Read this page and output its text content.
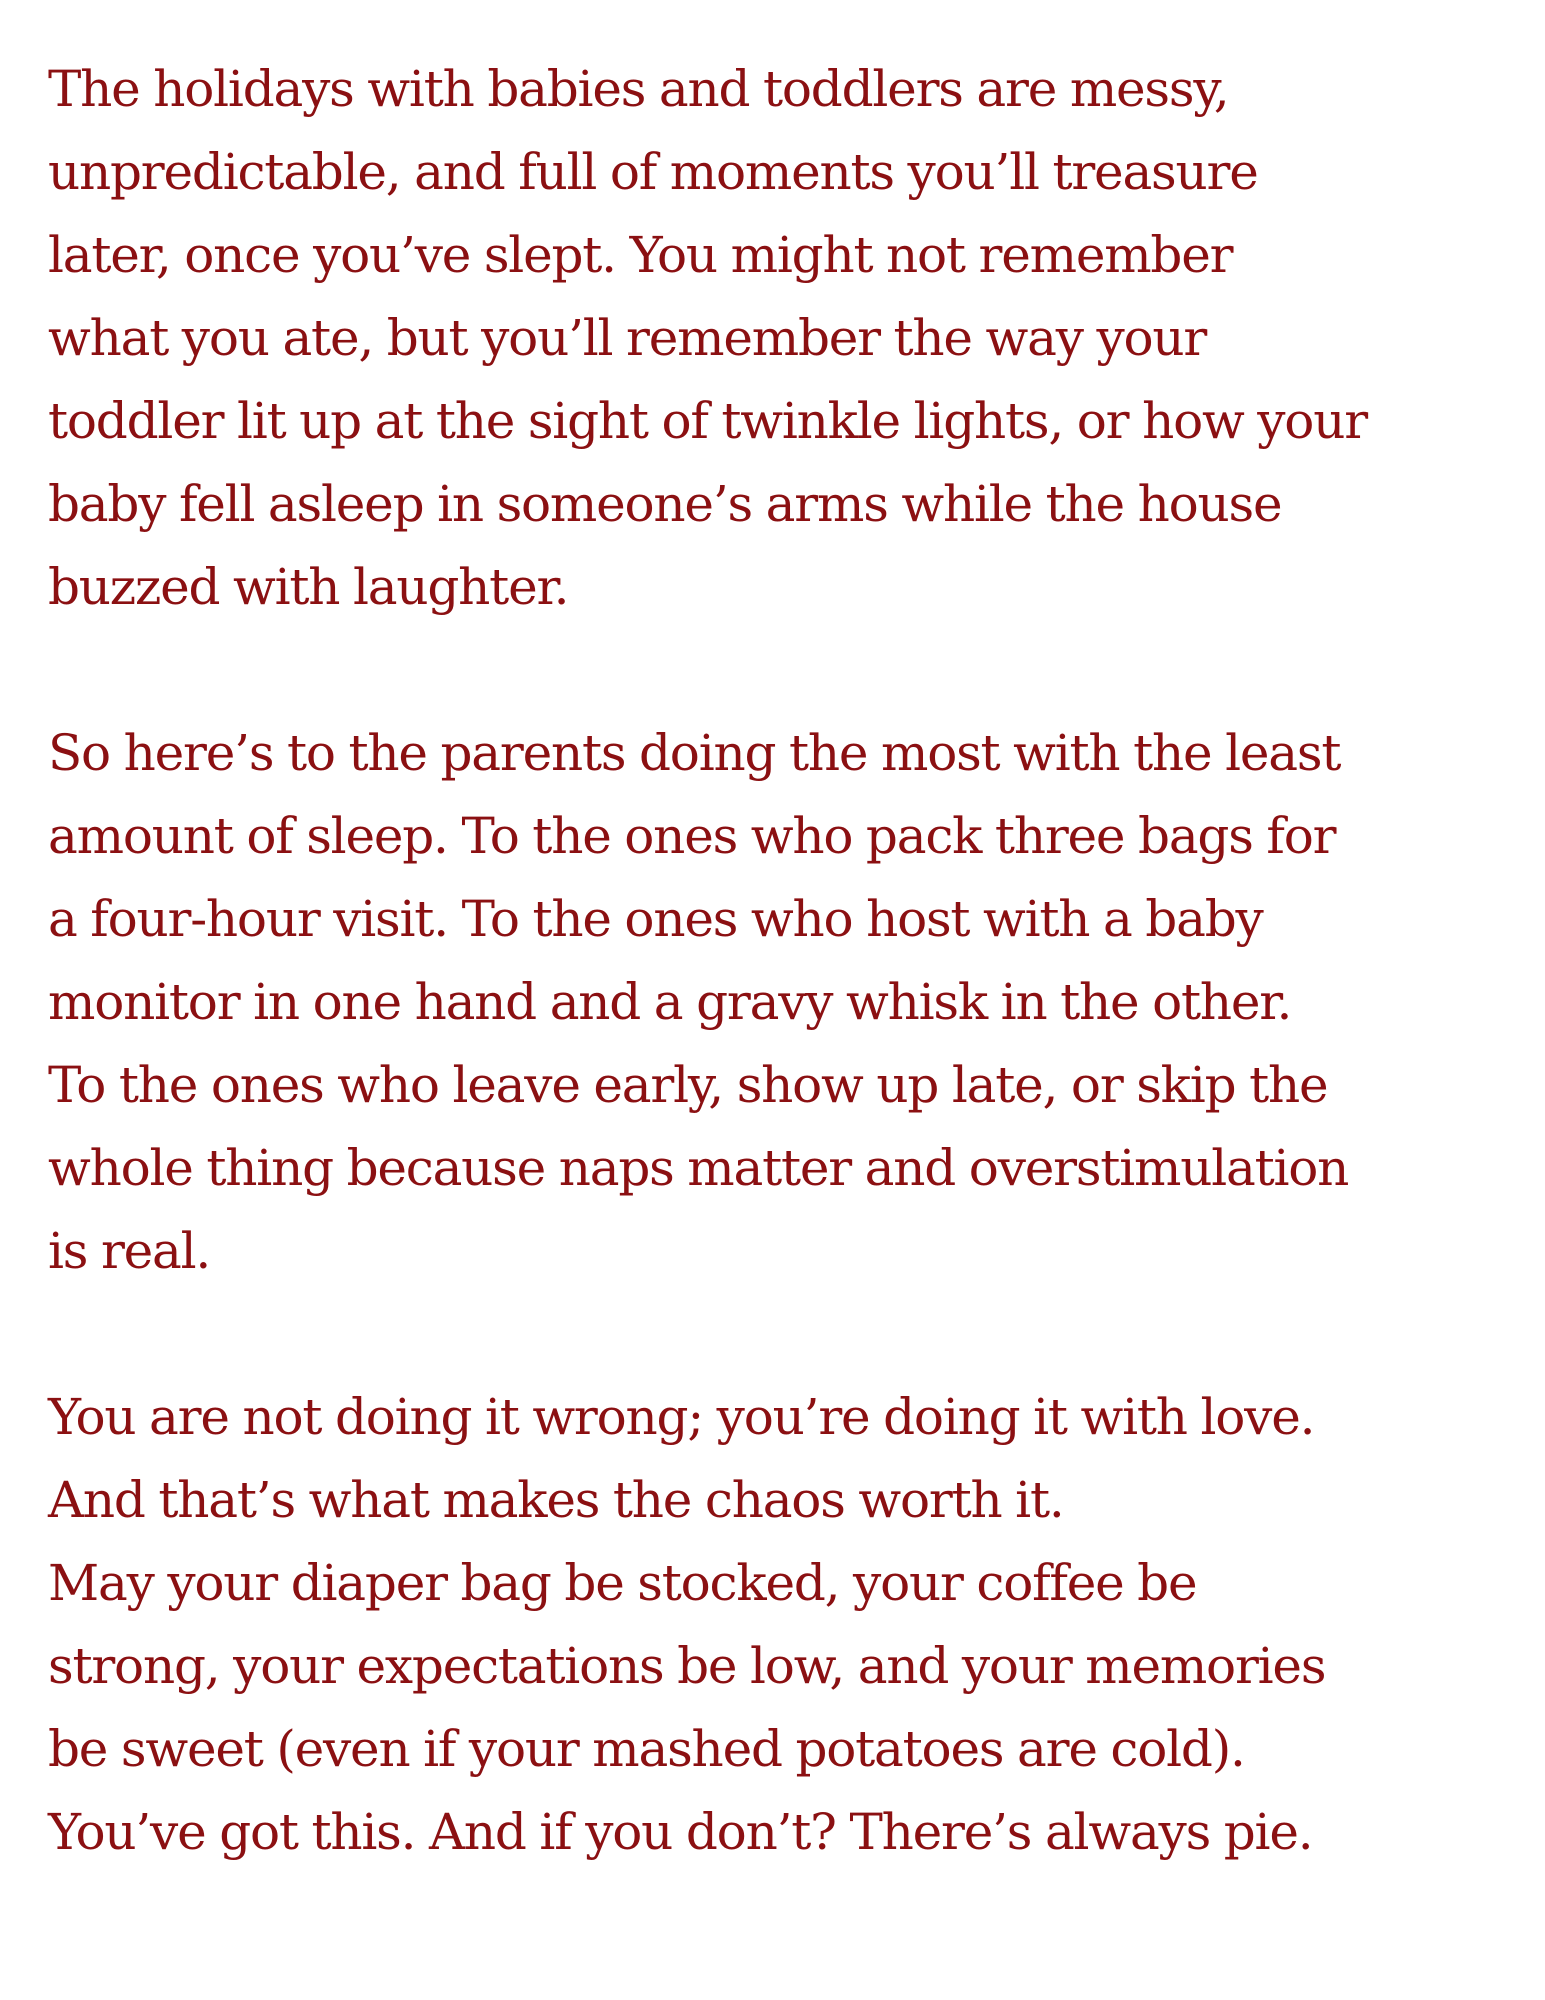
The holidays with babies and toddlers are messy,
unpredictable, and full of moments you’ll treasure
later, once you’ve slept. You might not remember
what you ate, but you’ll remember the way your
toddler lit up at the sight of twinkle lights, or how your
baby fell asleep in someone’s arms while the house
buzzed with laughter.

So here’s to the parents doing the most with the least
amount of sleep. To the ones who pack three bags for
a four-hour visit. To the ones who host with a baby
monitor in one hand and a gravy whisk in the other.
To the ones who leave early, show up late, or skip the
whole thing because naps matter and overstimulation
is real.

You are not doing it wrong; you’re doing it with love.
And that’s what makes the chaos worth it.
May your diaper bag be stocked, your coffee be
strong, your expectations be low, and your memories
be sweet (even if your mashed potatoes are cold).
You’ve got this. And if you don’t? There’s always pie.
